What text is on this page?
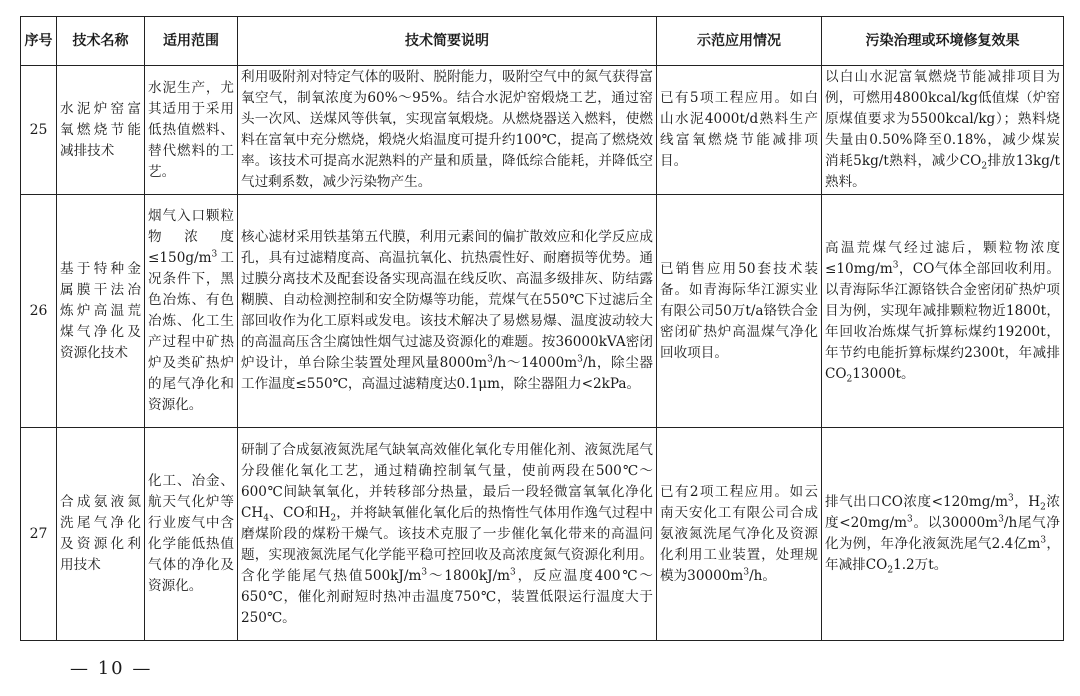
序号	技术名称	适用范围	技术简要说明	示范应用情况	污染治理或环境修复效果
25	水泥炉窑富氧燃烧节能减排技术	水泥生产，尤其适用于采用低热值燃料、替代燃料的工艺。	利用吸附剂对特定气体的吸附、脱附能力，吸附空气中的氮气获得富氧空气，制氧浓度为60%～95%。结合水泥炉窑煅烧工艺，通过窑头一次风、送煤风等供氧，实现富氧煅烧。从燃烧器送入燃料，使燃料在富氧中充分燃烧，煅烧火焰温度可提升约100℃，提高了燃烧效率。该技术可提高水泥熟料的产量和质量，降低综合能耗，并降低空气过剩系数，减少污染物产生。	已有5项工程应用。如白山水泥4000t/d熟料生产线富氧燃烧节能减排项目。	以白山水泥富氧燃烧节能减排项目为例，可燃用4800kcal/kg低值煤（炉窑原煤值要求为5500kcal/kg）；熟料烧失量由0.50%降至0.18%，减少煤炭消耗5kg/t熟料，减少$CO_2$排放13kg/t熟料。
26	基于特种金属膜干法冶炼炉高温荒煤气净化及资源化技术	烟气入口颗粒物浓度$\le 150g/m^3$工况条件下，黑色冶炼、有色冶炼、化工生产过程中矿热炉及类矿热炉的尾气净化和资源化。	核心滤材采用铁基第五代膜，利用元素间的偏扩散效应和化学反应成孔，具有过滤精度高、高温抗氧化、抗热震性好、耐磨损等优势。通过膜分离技术及配套设备实现高温在线反吹、高温多级排灰、防结露糊膜、自动检测控制和安全防爆等功能，荒煤气在550℃下过滤后全部回收作为化工原料或发电。该技术解决了易燃易爆、温度波动较大的高温高压含尘腐蚀性烟气过滤及资源化的难题。按36000kVA密闭炉设计，单台除尘装置处理风量$8000m^3/h\sim 14000m^3/h$，除尘器工作温度≤550℃，高温过滤精度达0.1μm，除尘器阻力<2kPa。	已销售应用50套技术装备。如青海际华江源实业有限公司50万t/a铬铁合金密闭矿热炉高温煤气净化回收项目。	高温荒煤气经过滤后，颗粒物浓度$\le 10mg/m^3$，CO气体全部回收利用。以青海际华江源铬铁合金密闭矿热炉项目为例，实现年减排颗粒物近1800t，年回收冶炼煤气折算标煤约19200t，年节约电能折算标煤约2300t，年减排$CO_213000t$。
27	合成氨液氮洗尾气净化及资源化利用技术	化工、冶金、航天气化炉等行业废气中含化学能低热值气体的净化及资源化。	研制了合成氨液氮洗尾气缺氧高效催化氧化专用催化剂、液氮洗尾气分段催化氧化工艺，通过精确控制氧气量，使前两段在500℃～600℃间缺氧氧化，并转移部分热量，最后一段轻微富氧氧化净化$CH_4$、CO和$H_2$，并将缺氧催化氧化后的热惰性气体用作逸气过程中磨煤阶段的煤粉干燥气。该技术克服了一步催化氧化带来的高温问题，实现液氮洗尾气化学能平稳可控回收及高浓度氮气资源化利用。含化学能尾气热值$500kJ/m^3\sim 1800kJ/m^3$，反应温度400℃～650℃，催化剂耐短时热冲击温度750℃，装置低限运行温度大于250℃。	已有2项工程应用。如云南天安化工有限公司合成氨液氮洗尾气净化及资源化利用工业装置，处理规模为$30000m^3/h$。	排气出口CO浓度$<120mg/m^3$，$H_2$浓度$<20mg/m^3$。以$30000m^3/h$尾气净化为例，年净化液氮洗尾气2.4亿$m^3$，年减排$CO_21.2$万t。
— 10 —
